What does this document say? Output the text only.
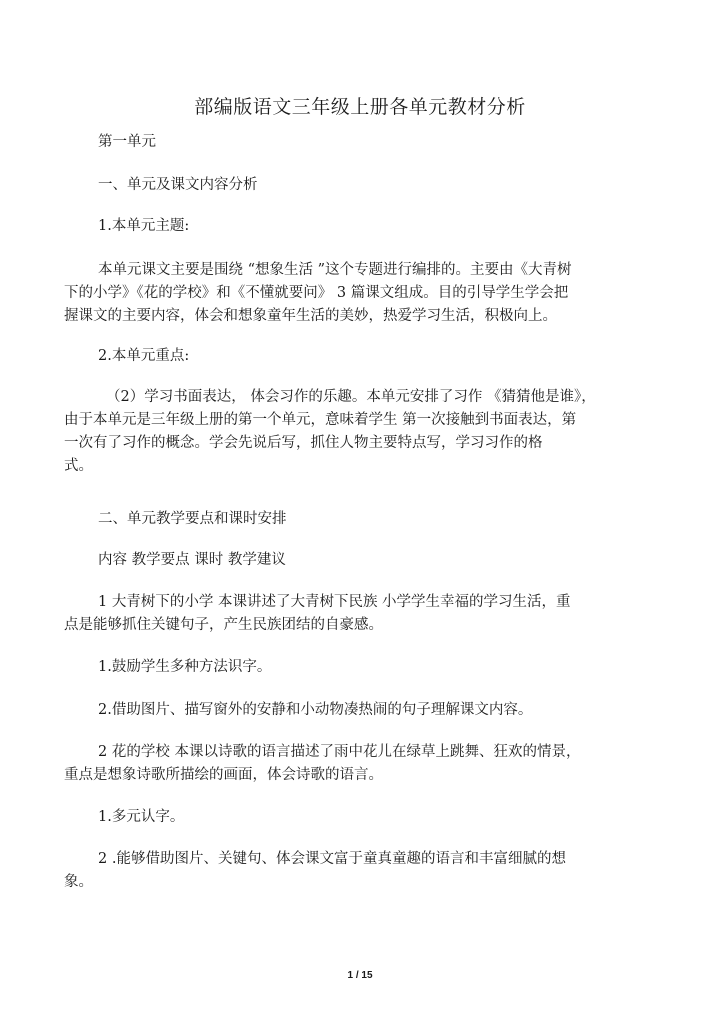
部编版语文三年级上册各单元教材分析

第一单元

一、单元及课文内容分析

1.本单元主题:

本单元课文主要是围绕 “想象生活 ”这个专题进行编排的。主要由《大青树
下的小学》《花的学校》和《不懂就要问》 3 篇课文组成。目的引导学生学会把
握课文的主要内容，体会和想象童年生活的美妙，热爱学习生活，积极向上。

2.本单元重点:

（2）学习书面表达， 体会习作的乐趣。本单元安排了习作 《猜猜他是谁》，
由于本单元是三年级上册的第一个单元，意味着学生 第一次接触到书面表达，第
一次有了习作的概念。学会先说后写，抓住人物主要特点写，学习习作的格
式。

二、单元教学要点和课时安排

内容 教学要点 课时 教学建议

1 大青树下的小学 本课讲述了大青树下民族 小学学生幸福的学习生活，重
点是能够抓住关键句子，产生民族团结的自豪感。

1.鼓励学生多种方法识字。

2.借助图片、描写窗外的安静和小动物凑热闹的句子理解课文内容。

2 花的学校 本课以诗歌的语言描述了雨中花儿在绿草上跳舞、狂欢的情景，
重点是想象诗歌所描绘的画面，体会诗歌的语言。

1.多元认字。

2 .能够借助图片、关键句、体会课文富于童真童趣的语言和丰富细腻的想
象。

1 / 15
